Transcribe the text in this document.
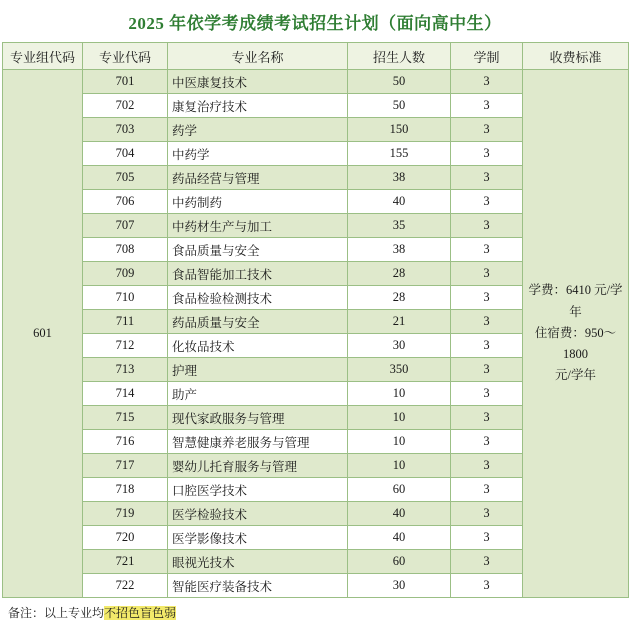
2025 年依学考成绩考试招生计划（面向高中生）
专业组代码	专业代码	专业名称	招生人数	学制	收费标准
601	701	中医康复技术	50	3	学费：6410 元/学年
住宿费：950～1800
元/学年

	702	康复治疗技术	50	3	
	703	药学	150	3	
	704	中药学	155	3	
	705	药品经营与管理	38	3	
	706	中药制药	40	3	
	707	中药材生产与加工	35	3	
	708	食品质量与安全	38	3	
	709	食品智能加工技术	28	3	
	710	食品检验检测技术	28	3	
	711	药品质量与安全	21	3	
	712	化妆品技术	30	3	
	713	护理	350	3	
	714	助产	10	3	
	715	现代家政服务与管理	10	3	
	716	智慧健康养老服务与管理	10	3	
	717	婴幼儿托育服务与管理	10	3	
	718	口腔医学技术	60	3	
	719	医学检验技术	40	3	
	720	医学影像技术	40	3	
	721	眼视光技术	60	3	
	722	智能医疗装备技术	30	3	
备注：以上专业均不招色盲色弱
